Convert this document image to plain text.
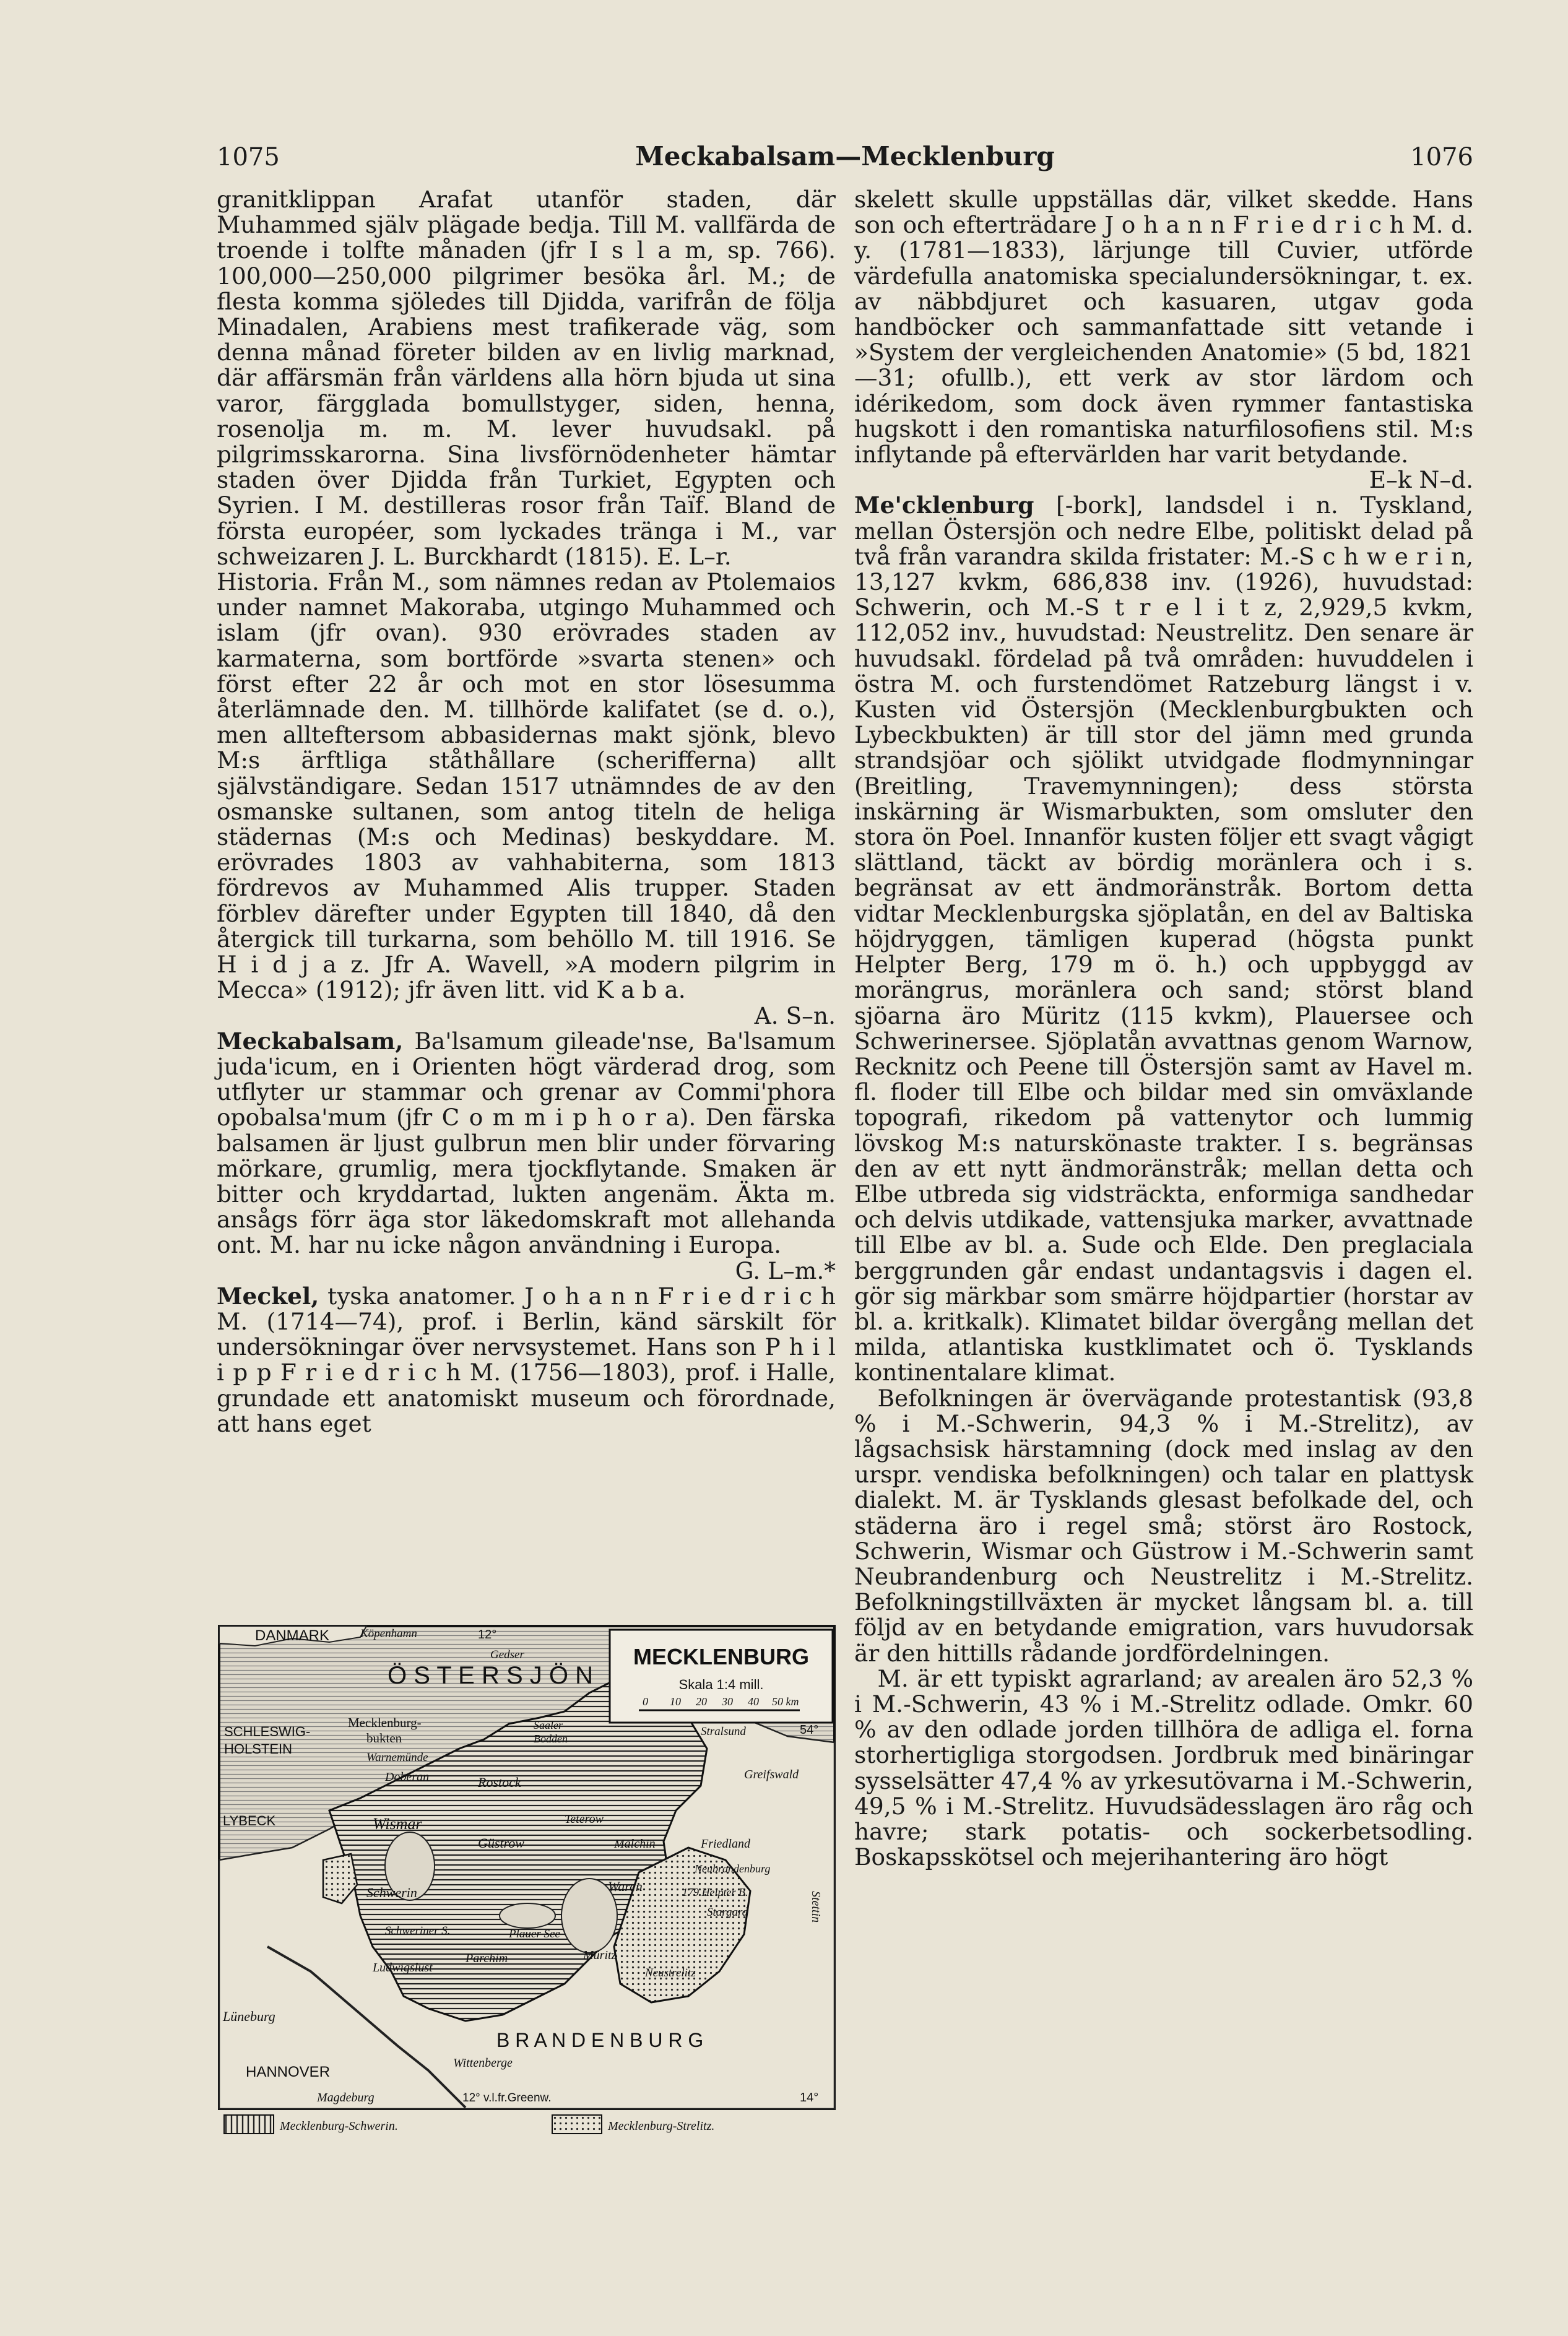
1075	Meckabalsam—Mecklenburg	1076

granitklippan Arafat utanför staden, där Muhammed själv plägade bedja. Till M. vallfärda de troende i tolfte månaden (jfr I s l a m, sp. 766). 100,000—250,000 pilgrimer besöka årl. M.; de flesta komma sjöledes till Djidda, varifrån de följa Minadalen, Arabiens mest trafikerade väg, som denna månad företer bilden av en livlig marknad, där affärsmän från världens alla hörn bjuda ut sina varor, färgglada bomullstyger, siden, henna, rosenolja m. m. M. lever huvudsakl. på pilgrimsskarorna. Sina livsförnödenheter hämtar staden över Djidda från Turkiet, Egypten och Syrien. I M. destilleras rosor från Taïf. Bland de första européer, som lyckades tränga i M., var schweizaren J. L. Burckhardt (1815). E. L–r.

Historia. Från M., som nämnes redan av Ptolemaios under namnet Makoraba, utgingo Muhammed och islam (jfr ovan). 930 erövrades staden av karmaterna, som bortförde »svarta stenen» och först efter 22 år och mot en stor lösesumma återlämnade den. M. tillhörde kalifatet (se d. o.), men allteftersom abbasidernas makt sjönk, blevo M:s ärftliga ståthållare (scherifferna) allt självständigare. Sedan 1517 utnämndes de av den osmanske sultanen, som antog titeln de heliga städernas (M:s och Medinas) beskyddare. M. erövrades 1803 av vahhabiterna, som 1813 fördrevos av Muhammed Alis trupper. Staden förblev därefter under Egypten till 1840, då den återgick till turkarna, som behöllo M. till 1916. Se H i d j a z. Jfr A. Wavell, »A modern pilgrim in Mecca» (1912); jfr även litt. vid K a b a.
A. S–n.

Meckabalsam, Ba'lsamum gileade'nse, Ba'lsamum juda'icum, en i Orienten högt värderad drog, som utflyter ur stammar och grenar av Commi'phora opobalsa'mum (jfr C o m m i p h o r a). Den färska balsamen är ljust gulbrun men blir under förvaring mörkare, grumlig, mera tjockflytande. Smaken är bitter och kryddartad, lukten angenäm. Äkta m. ansågs förr äga stor läkedomskraft mot allehanda ont. M. har nu icke någon användning i Europa.
G. L–m.*

Meckel, tyska anatomer. J o h a n n F r i e d r i c h M. (1714—74), prof. i Berlin, känd särskilt för undersökningar över nervsystemet. Hans son P h i l i p p F r i e d r i c h M. (1756—1803), prof. i Halle, grundade ett anatomiskt museum och förordnade, att hans eget

skelett skulle uppställas där, vilket skedde. Hans son och efterträdare J o h a n n F r i e d r i c h M. d. y. (1781—1833), lärjunge till Cuvier, utförde värdefulla anatomiska specialundersökningar, t. ex. av näbbdjuret och kasuaren, utgav goda handböcker och sammanfattade sitt vetande i »System der vergleichenden Anatomie» (5 bd, 1821—31; ofullb.), ett verk av stor lärdom och idérikedom, som dock även rymmer fantastiska hugskott i den romantiska naturfilosofiens stil. M:s inflytande på eftervärlden har varit betydande.
E–k N–d.

Me'cklenburg [-bork], landsdel i n. Tyskland, mellan Östersjön och nedre Elbe, politiskt delad på två från varandra skilda fristater: M.-S c h w e r i n, 13,127 kvkm, 686,838 inv. (1926), huvudstad: Schwerin, och M.-S t r e l i t z, 2,929,5 kvkm, 112,052 inv., huvudstad: Neustrelitz. Den senare är huvudsakl. fördelad på två områden: huvuddelen i östra M. och furstendömet Ratzeburg längst i v. Kusten vid Östersjön (Mecklenburgbukten och Lybeckbukten) är till stor del jämn med grunda strandsjöar och sjölikt utvidgade flodmynningar (Breitling, Travemynningen); dess största inskärning är Wismarbukten, som omsluter den stora ön Poel. Innanför kusten följer ett svagt vågigt slättland, täckt av bördig moränlera och i s. begränsat av ett ändmoränstråk. Bortom detta vidtar Mecklenburgska sjöplatån, en del av Baltiska höjdryggen, tämligen kuperad (högsta punkt Helpter Berg, 179 m ö. h.) och uppbyggd av morängrus, moränlera och sand; störst bland sjöarna äro Müritz (115 kvkm), Plauersee och Schwerinersee. Sjöplatån avvattnas genom Warnow, Recknitz och Peene till Östersjön samt av Havel m. fl. floder till Elbe och bildar med sin omväxlande topografi, rikedom på vattenytor och lummig lövskog M:s naturskönaste trakter. I s. begränsas den av ett nytt ändmoränstråk; mellan detta och Elbe utbreda sig vidsträckta, enformiga sandhedar och delvis utdikade, vattensjuka marker, avvattnade till Elbe av bl. a. Sude och Elde. Den preglaciala berggrunden går endast undantagsvis i dagen el. gör sig märkbar som smärre höjdpartier (horstar av bl. a. kritkalk). Klimatet bildar övergång mellan det milda, atlantiska kustklimatet och ö. Tysklands kontinentalare klimat.

 Befolkningen är övervägande protestantisk (93,8 % i M.-Schwerin, 94,3 % i M.-Strelitz), av lågsachsisk härstamning (dock med inslag av den urspr. vendiska befolkningen) och talar en plattysk dialekt. M. är Tysklands glesast befolkade del, och städerna äro i regel små; störst äro Rostock, Schwerin, Wismar och Güstrow i M.-Schwerin samt Neubrandenburg och Neustrelitz i M.-Strelitz. Befolkningstillväxten är mycket långsam bl. a. till följd av en betydande emigration, vars huvudorsak är den hittills rådande jordfördelningen.

 M. är ett typiskt agrarland; av arealen äro 52,3 % i M.-Schwerin, 43 % i M.-Strelitz odlade. Omkr. 60 % av den odlade jorden tillhöra de adliga el. forna storhertigliga storgodsen. Jordbruk med binäringar sysselsätter 47,4 % av yrkesutövarna i M.-Schwerin, 49,5 % i M.-Strelitz. Huvudsädesslagen äro råg och havre; stark potatis- och sockerbetsodling. Boskapsskötsel och mejerihantering äro högt

MECKLENBURG
Skala 1:4 mill.
0 10 20 30 40 50 km
Ö S T E R S J Ö N
DANMARK	Köpenhamn	12°
Gedser
SCHLESWIG-
HOLSTEIN
Mecklenburg-
bukten
Saaler
Bodden
Stralsund	54°
Warnemünde
Rostock
Doberan	Greifswald
LYBECK	Wismar
Güstrow
Schwerin
Teterow
Malchin	Friedland
Neubrandenburg
Waren	179 Helpter B.
Stargard
Schweriner S.	Plauer See
Müritz
Neustrelitz
Ludwigslust
Parchim
Stettin
Lüneburg
B R A N D E N B U R G
HANNOVER
Wittenberge
Magdeburg	12° v.l.fr.Greenw.	14°
Mecklenburg-Schwerin.	Mecklenburg-Strelitz.
